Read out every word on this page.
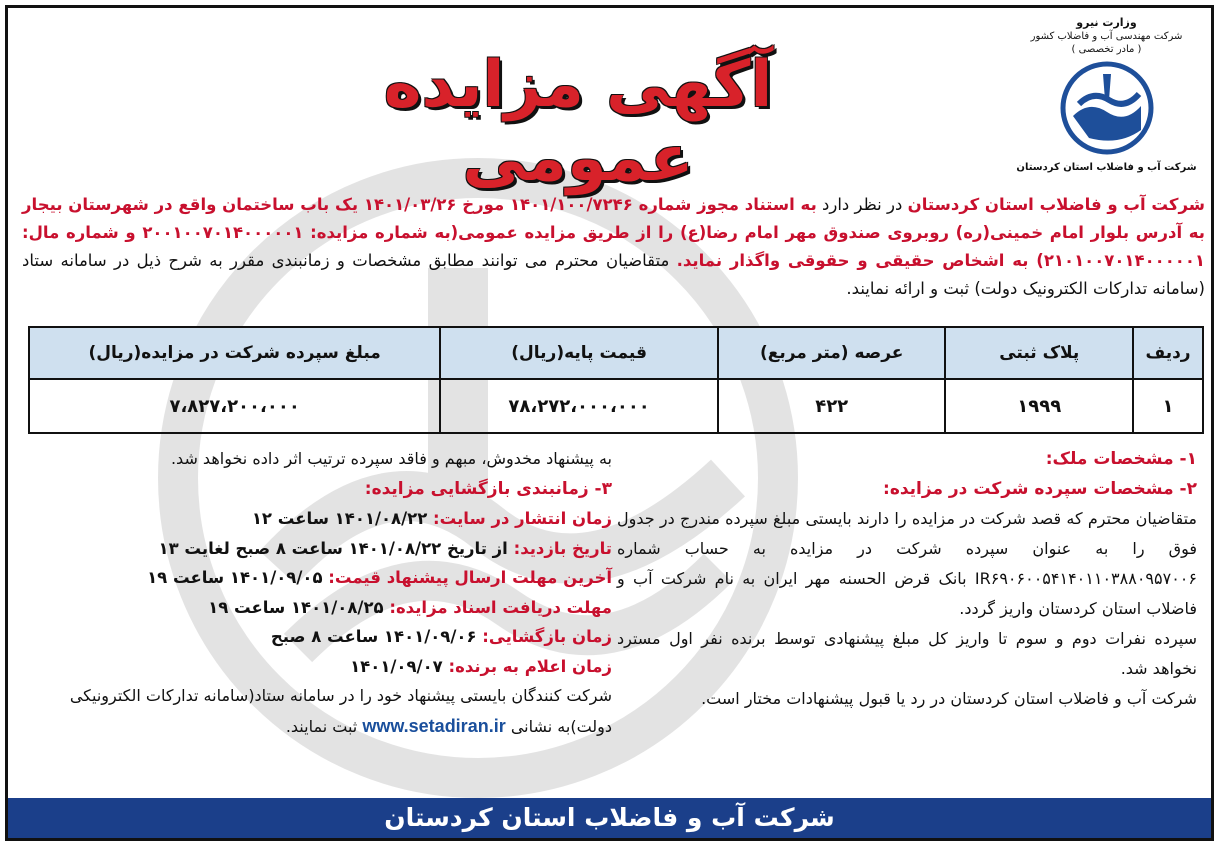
آگهی مزایده عمومی
وزارت نیرو
شرکت مهندسی آب و فاضلاب کشور
( مادر تخصصی )
شرکت آب و فاضلاب استان کردستان
شرکت آب و فاضلاب استان کردستان در نظر دارد به استناد مجوز شماره ۱۴۰۱/۱۰۰/۷۲۴۶ مورخ ۱۴۰۱/۰۳/۲۶ یک باب ساختمان واقع در شهرستان بیجار به آدرس بلوار امام خمینی(ره) روبروی صندوق مهر امام رضا(ع) را از طریق مزایده عمومی(به شماره مزایده: ۲۰۰۱۰۰۷۰۱۴۰۰۰۰۰۱ و شماره مال: ۲۱۰۱۰۰۷۰۱۴۰۰۰۰۰۱) به اشخاص حقیقی و حقوقی واگذار نماید. متقاضیان محترم می توانند مطابق مشخصات و زمانبندی مقرر به شرح ذیل در سامانه ستاد (سامانه تدارکات الکترونیک دولت) ثبت و ارائه نمایند.
ردیف	پلاک ثبتی	عرصه (متر مربع)	قیمت پایه(ریال)	مبلغ سپرده شرکت در مزایده(ریال)
۱	۱۹۹۹	۴۲۲	۷۸،۲۷۲،۰۰۰،۰۰۰	۷،۸۲۷،۲۰۰،۰۰۰
۱- مشخصات ملک:
۲- مشخصات سپرده شرکت در مزایده:
متقاضیان محترم که قصد شرکت در مزایده را دارند بایستی مبلغ سپرده مندرج در جدول فوق را به عنوان سپرده شرکت در مزایده به حساب شماره IR۶۹۰۶۰۰۵۴۱۴۰۱۱۰۳۸۸۰۹۵۷۰۰۶ بانک قرض الحسنه مهر ایران به نام شرکت آب و فاضلاب استان کردستان واریز گردد.
سپرده نفرات دوم و سوم تا واریز کل مبلغ پیشنهادی توسط برنده نفر اول مسترد نخواهد شد.
شرکت آب و فاضلاب استان کردستان در رد یا قبول پیشنهادات مختار است.
به پیشنهاد مخدوش، مبهم و فاقد سپرده ترتیب اثر داده نخواهد شد.
۳- زمانبندی بازگشایی مزایده:
زمان انتشار در سایت: ۱۴۰۱/۰۸/۲۲ ساعت ۱۲
تاریخ بازدید: از تاریخ ۱۴۰۱/۰۸/۲۲ ساعت ۸ صبح لغایت ۱۳
آخرین مهلت ارسال پیشنهاد قیمت: ۱۴۰۱/۰۹/۰۵ ساعت ۱۹
مهلت دریافت اسناد مزایده: ۱۴۰۱/۰۸/۲۵ ساعت ۱۹
زمان بازگشایی: ۱۴۰۱/۰۹/۰۶ ساعت ۸ صبح
زمان اعلام به برنده: ۱۴۰۱/۰۹/۰۷
شرکت کنندگان بایستی پیشنهاد خود را در سامانه ستاد(سامانه تدارکات الکترونیکی دولت)به نشانی www.setadiran.ir ثبت نمایند.
شرکت آب و فاضلاب استان کردستان
